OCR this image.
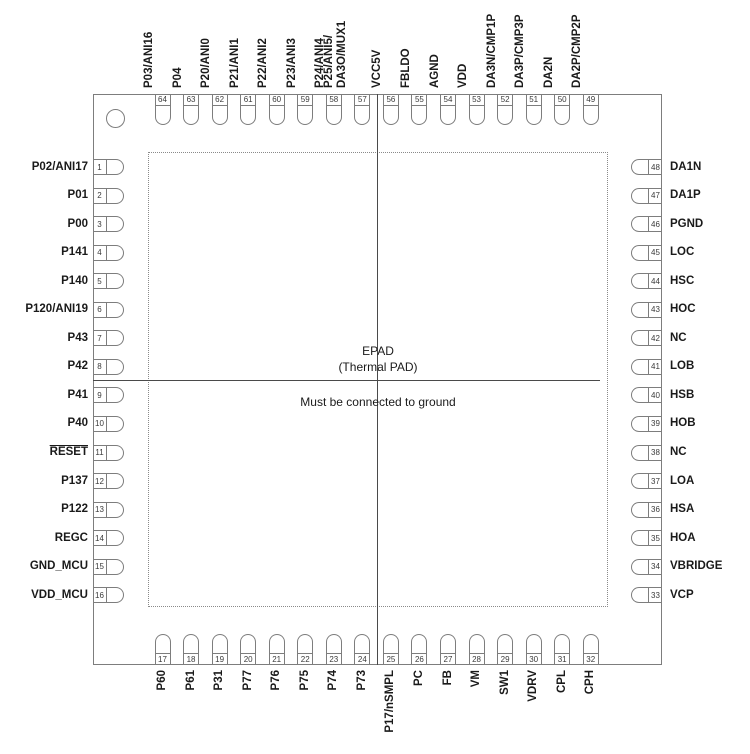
EPAD
(Thermal PAD)
Must be connected to ground
64
P03/ANI16
63
P04
62
P20/ANI0
61
P21/ANI1
60
P22/ANI2
59
P23/ANI3
58
P24/ANI4
57
P25/ANI5/ DA3O/MUX1
56
VCC5V
55
FBLDO
54
AGND
53
VDD
52
DA3N/CMP1P
51
DA3P/CMP3P
50
DA2N
49
DA2P/CMP2P
17
P60
18
P61
19
P31
20
P77
21
P76
22
P75
23
P74
24
P73
25
P17/nSMPL
26
PC
27
FB
28
VM
29
SW1
30
VDRV
31
CPL
32
CPH
1
P02/ANI17
2
P01
3
P00
4
P141
5
P140
6
P120/ANI19
7
P43
8
P42
9
P41
10
P40
11
RESET
12
P137
13
P122
14
REGC
15
GND_MCU
16
VDD_MCU
48 DA1N
47 DA1P
46 PGND
45 LOC
44 HSC
43 HOC
42 NC
41 LOB
40 HSB
39 HOB
38 NC
37 LOA
36 HSA
35 HOA
34 VBRIDGE
33 VCP
